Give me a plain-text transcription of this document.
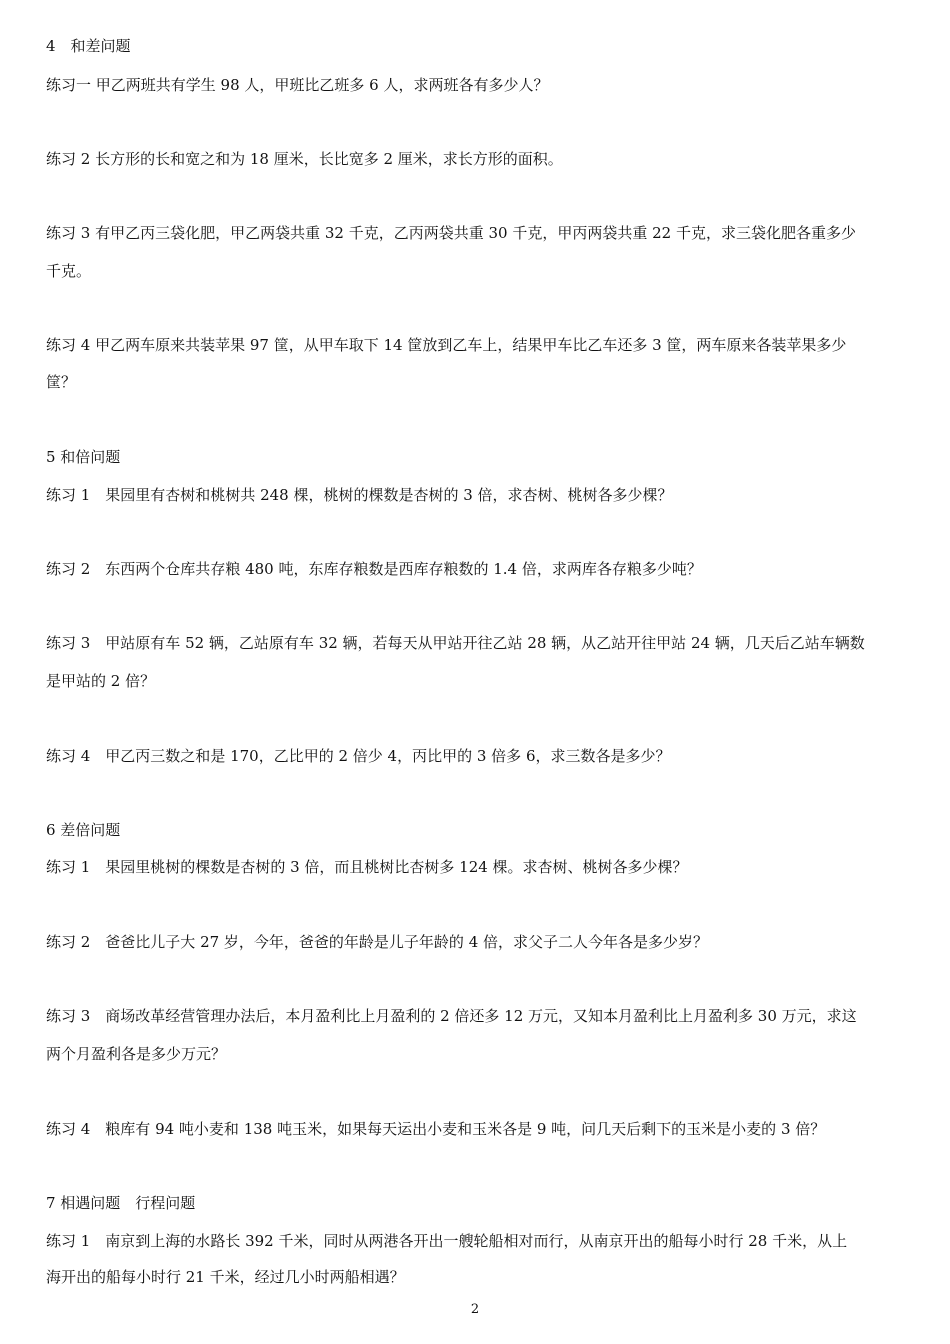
4　和差问题
练习一 甲乙两班共有学生 98 人，甲班比乙班多 6 人，求两班各有多少人？
练习 2 长方形的长和宽之和为 18 厘米，长比宽多 2 厘米，求长方形的面积。
练习 3 有甲乙丙三袋化肥，甲乙两袋共重 32 千克，乙丙两袋共重 30 千克，甲丙两袋共重 22 千克，求三袋化肥各重多少
千克。
练习 4 甲乙两车原来共装苹果 97 筐，从甲车取下 14 筐放到乙车上，结果甲车比乙车还多 3 筐，两车原来各装苹果多少
筐？
5 和倍问题
练习 1　果园里有杏树和桃树共 248 棵，桃树的棵数是杏树的 3 倍，求杏树、桃树各多少棵？
练习 2　东西两个仓库共存粮 480 吨，东库存粮数是西库存粮数的 1.4 倍，求两库各存粮多少吨？
练习 3　甲站原有车 52 辆，乙站原有车 32 辆，若每天从甲站开往乙站 28 辆，从乙站开往甲站 24 辆，几天后乙站车辆数
是甲站的 2 倍？
练习 4　甲乙丙三数之和是 170，乙比甲的 2 倍少 4，丙比甲的 3 倍多 6，求三数各是多少？
6 差倍问题
练习 1　果园里桃树的棵数是杏树的 3 倍，而且桃树比杏树多 124 棵。求杏树、桃树各多少棵？
练习 2　爸爸比儿子大 27 岁，今年，爸爸的年龄是儿子年龄的 4 倍，求父子二人今年各是多少岁？
练习 3　商场改革经营管理办法后，本月盈利比上月盈利的 2 倍还多 12 万元，又知本月盈利比上月盈利多 30 万元，求这
两个月盈利各是多少万元？
练习 4　粮库有 94 吨小麦和 138 吨玉米，如果每天运出小麦和玉米各是 9 吨，问几天后剩下的玉米是小麦的 3 倍？
7 相遇问题　行程问题
练习 1　南京到上海的水路长 392 千米，同时从两港各开出一艘轮船相对而行，从南京开出的船每小时行 28 千米，从上
海开出的船每小时行 21 千米，经过几小时两船相遇？
2
